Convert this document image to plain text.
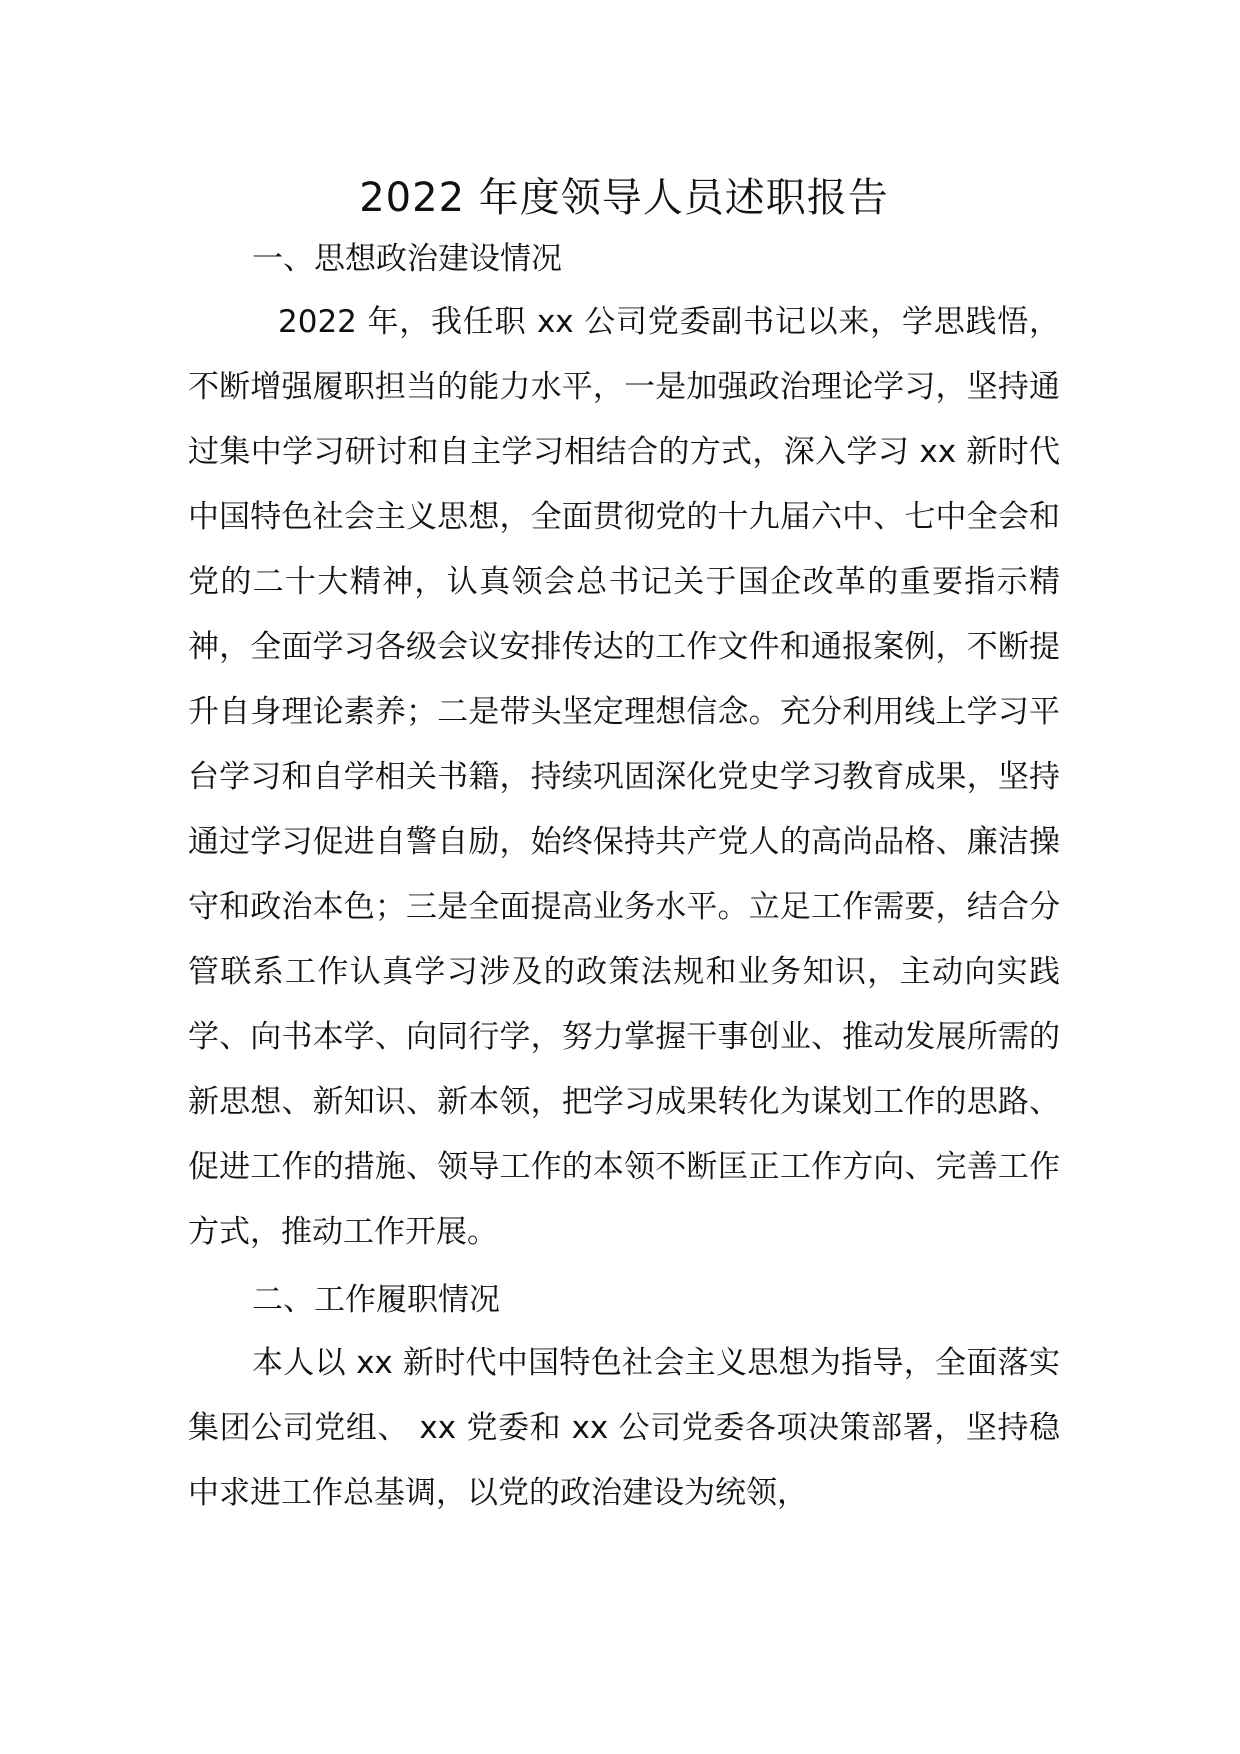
2022 年度领导人员述职报告
一、思想政治建设情况

2022 年，我任职 xx 公司党委副书记以来，学思践悟，不断增强履职担当的能力水平，一是加强政治理论学习，坚持通过集中学习研讨和自主学习相结合的方式，深入学习 xx 新时代中国特色社会主义思想，全面贯彻党的十九届六中、七中全会和党的二十大精神，认真领会总书记关于国企改革的重要指示精神，全面学习各级会议安排传达的工作文件和通报案例，不断提升自身理论素养；二是带头坚定理想信念。充分利用线上学习平台学习和自学相关书籍，持续巩固深化党史学习教育成果，坚持通过学习促进自警自励，始终保持共产党人的高尚品格、廉洁操守和政治本色；三是全面提高业务水平。立足工作需要，结合分管联系工作认真学习涉及的政策法规和业务知识，主动向实践学、向书本学、向同行学，努力掌握干事创业、推动发展所需的新思想、新知识、新本领，把学习成果转化为谋划工作的思路、促进工作的措施、领导工作的本领不断匡正工作方向、完善工作方式，推动工作开展。

二、工作履职情况

本人以 xx 新时代中国特色社会主义思想为指导，全面落实集团公司党组、 xx 党委和 xx 公司党委各项决策部署，坚持稳中求进工作总基调，以党的政治建设为统领，
